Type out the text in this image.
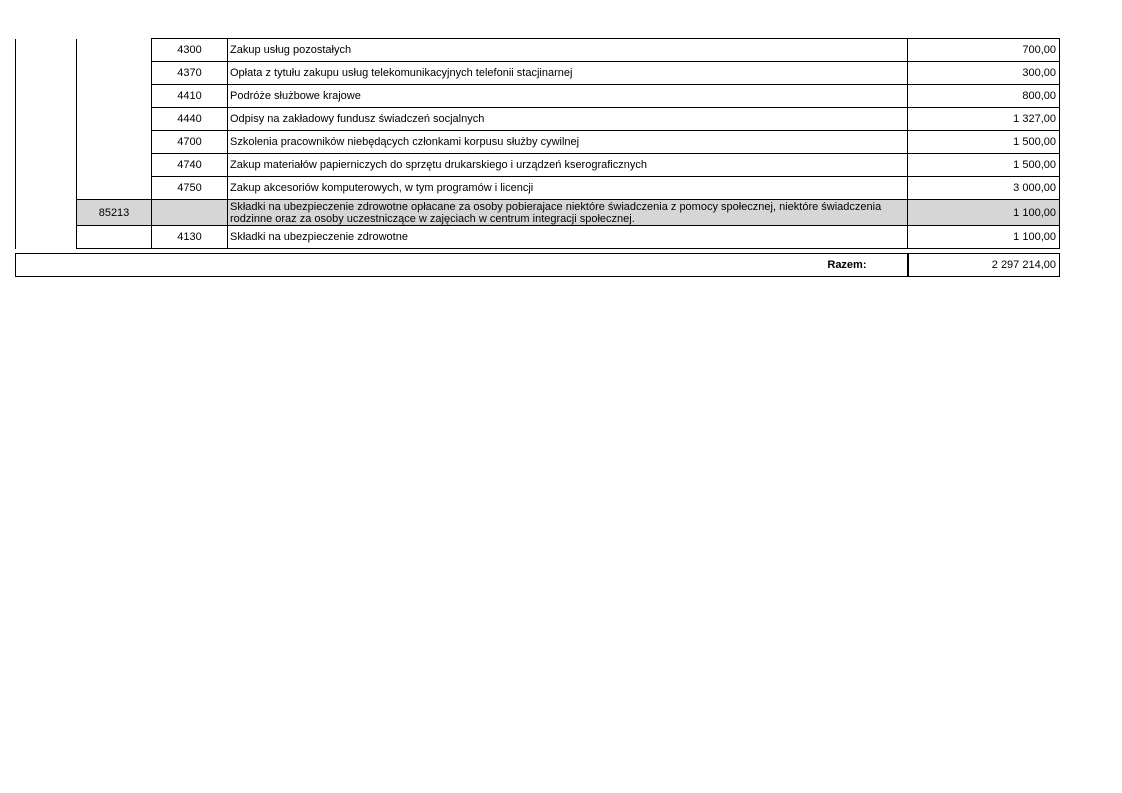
		4300	Zakup usług pozostałych	700,00
		4370	Opłata z tytułu zakupu usług telekomunikacyjnych telefonii stacjinarnej	300,00
		4410	Podróże służbowe krajowe	800,00
		4440	Odpisy na zakładowy fundusz świadczeń socjalnych	1 327,00
		4700	Szkolenia pracowników niebędących członkami korpusu służby cywilnej	1 500,00
		4740	Zakup materiałów papierniczych do sprzętu drukarskiego i urządzeń kserograficznych	1 500,00
		4750	Zakup akcesoriów komputerowych, w tym programów i licencji	3 000,00
	85213		Składki na ubezpieczenie zdrowotne opłacane za osoby pobierajace niektóre świadczenia z pomocy społecznej, niektóre świadczenia rodzinne oraz za osoby uczestniczące w zajęciach w centrum integracji społecznej.	1 100,00
		4130	Składki na ubezpieczenie zdrowotne	1 100,00
Razem:	2 297 214,00
